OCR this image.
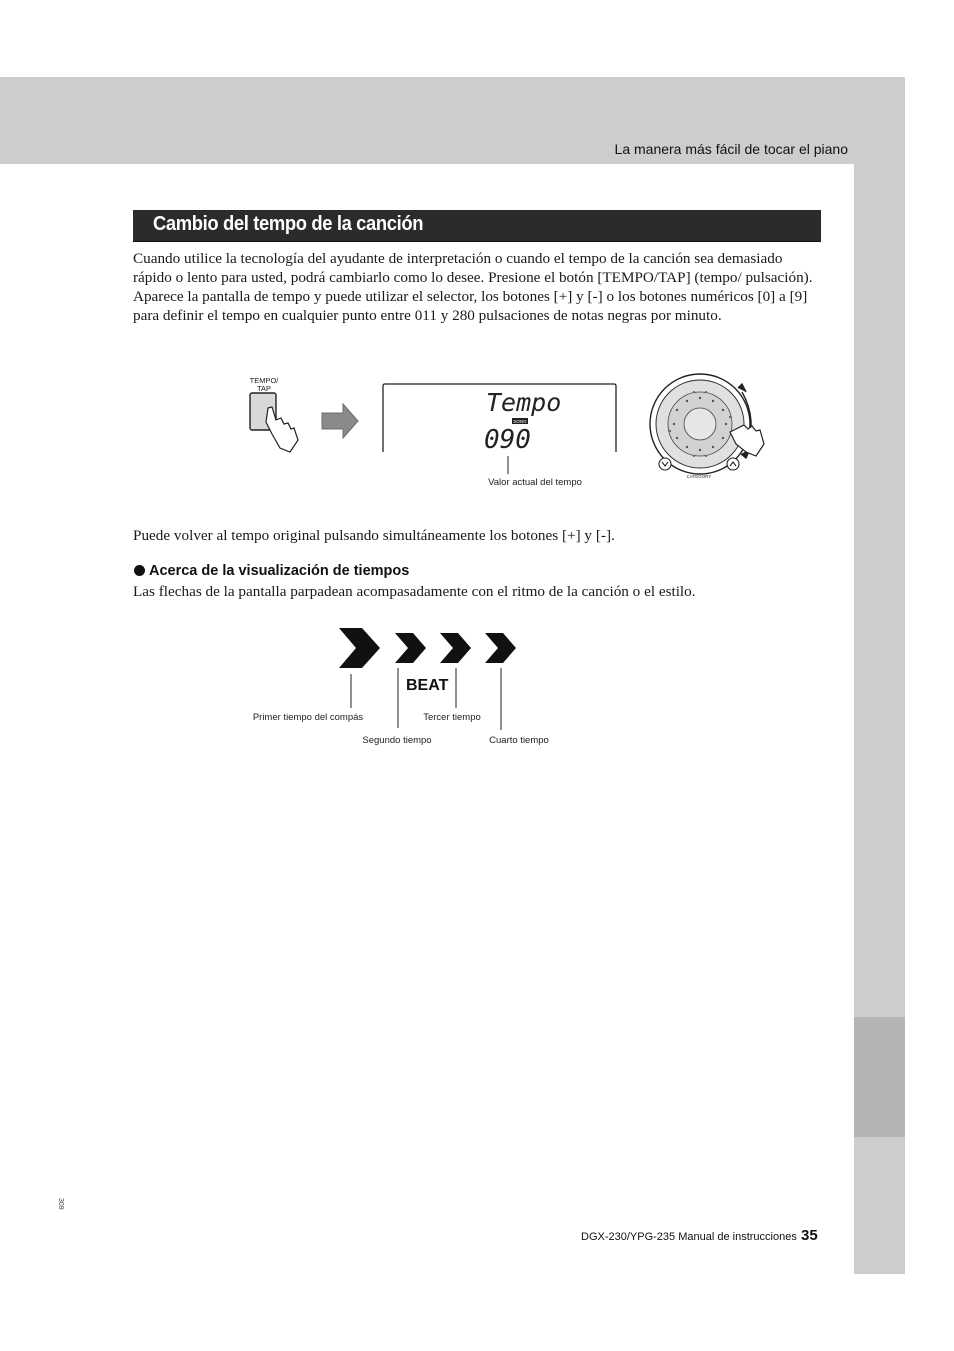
La manera más fácil de tocar el piano
Cambio del tempo de la canción

Cuando utilice la tecnología del ayudante de interpretación o cuando el tempo de la canción sea demasiado rápido o lento para usted, podrá cambiarlo como lo desee. Presione el botón [TEMPO/TAP] (tempo/ pulsación). Aparece la pantalla de tempo y puede utilizar el selector, los botones [+] y [-] o los botones numéricos [0] a [9] para definir el tempo en cualquier punto entre 011 y 280 pulsaciones de notas negras por minuto.

TEMPO/
TAP	Tempo
SONG
090
Valor actual del tempo
CATEGORY

Puede volver al tempo original pulsando simultáneamente los botones [+] y [-].

Acerca de la visualización de tiempos

Las flechas de la pantalla parpadean acompasadamente con el ritmo de la canción o el estilo.

BEAT
Primer tiempo del compás	Tercer tiempo
Segundo tiempo	Cuarto tiempo
309
DGX-230/YPG-235 Manual de instrucciones 35
